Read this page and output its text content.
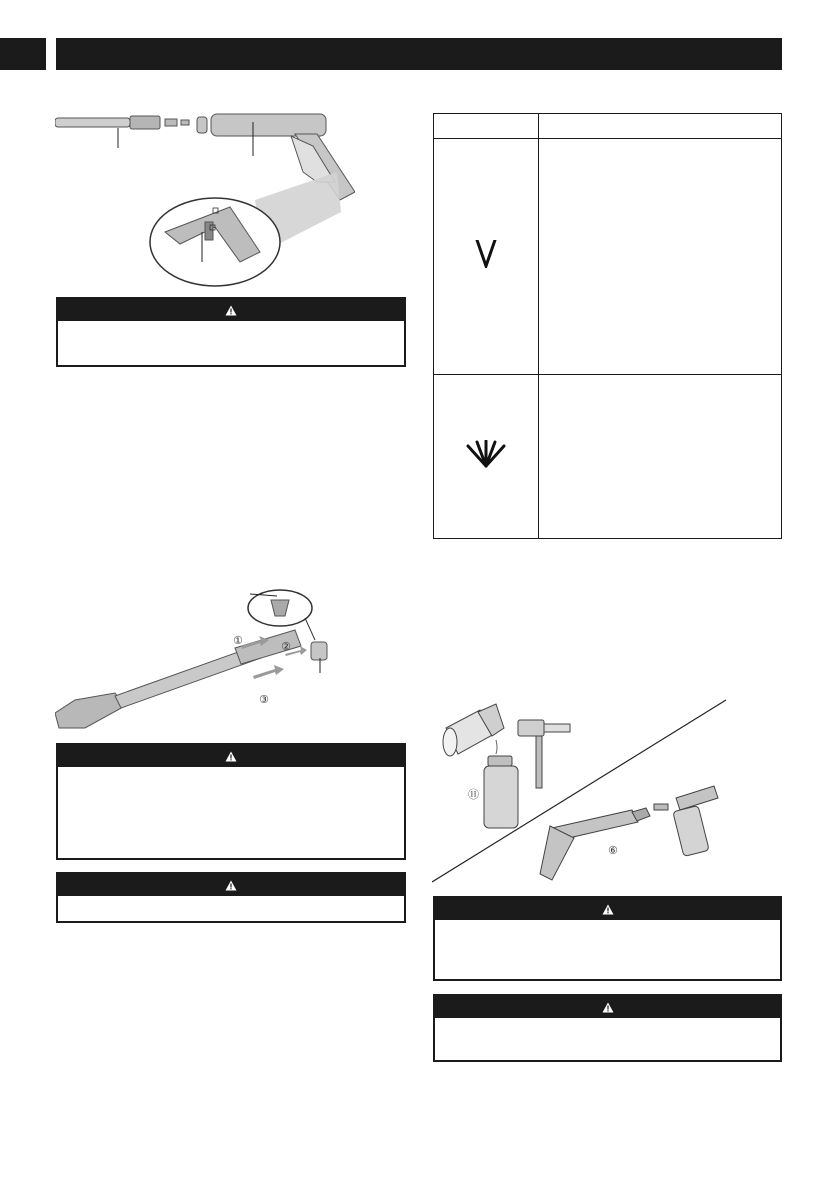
①	②
③

⑪
⑥
